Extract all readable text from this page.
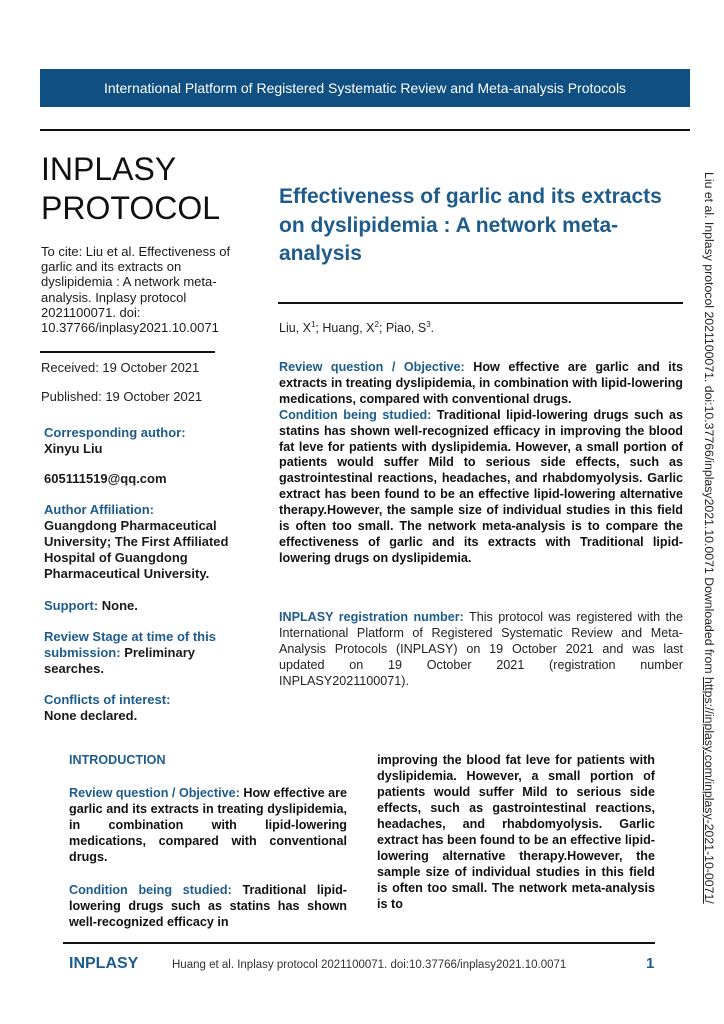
International Platform of Registered Systematic Review and Meta-analysis Protocols
INPLASY
PROTOCOL
To cite: Liu et al. Effectiveness of garlic and its extracts on dyslipidemia : A network meta-analysis. Inplasy protocol 2021100071. doi: 10.37766/inplasy2021.10.0071
Received: 19 October 2021
Published: 19 October 2021
Corresponding author:
Xinyu Liu
605111519@qq.com
Author Affiliation:
Guangdong Pharmaceutical University; The First Affiliated Hospital of Guangdong Pharmaceutical University.
Support: None.
Review Stage at time of this submission: Preliminary searches.
Conflicts of interest:
None declared.
Effectiveness of garlic and its extracts on dyslipidemia : A network meta-analysis
Liu, $X^1$; Huang, $X^2$; Piao, $S^3$.
Review question / Objective: How effective are garlic and its extracts in treating dyslipidemia, in combination with lipid-lowering medications, compared with conventional drugs.
Condition being studied: Traditional lipid-lowering drugs such as statins has shown well-recognized efficacy in improving the blood fat leve for patients with dyslipidemia. However, a small portion of patients would suffer Mild to serious side effects, such as gastrointestinal reactions, headaches, and rhabdomyolysis. Garlic extract has been found to be an effective lipid-lowering alternative therapy.However, the sample size of individual studies in this field is often too small. The network meta-analysis is to compare the effectiveness of garlic and its extracts with Traditional lipid-lowering drugs on dyslipidemia.
INPLASY registration number: This protocol was registered with the International Platform of Registered Systematic Review and Meta-Analysis Protocols (INPLASY) on 19 October 2021 and was last updated on 19 October 2021 (registration number INPLASY2021100071).
Liu et al. Inplasy protocol 2021100071. doi:10.37766/inplasy2021.10.0071 Downloaded from https://inplasy.com/inplasy-2021-10-0071/
INTRODUCTION
Review question / Objective: How effective are garlic and its extracts in treating dyslipidemia, in combination with lipid-lowering medications, compared with conventional drugs.
Condition being studied: Traditional lipid-lowering drugs such as statins has shown well-recognized efficacy in
improving the blood fat leve for patients with dyslipidemia. However, a small portion of patients would suffer Mild to serious side effects, such as gastrointestinal reactions, headaches, and rhabdomyolysis. Garlic extract has been found to be an effective lipid-lowering alternative therapy.However, the sample size of individual studies in this field is often too small. The network meta-analysis is to
INPLASY	Huang et al. Inplasy protocol 2021100071. doi:10.37766/inplasy2021.10.0071	1
